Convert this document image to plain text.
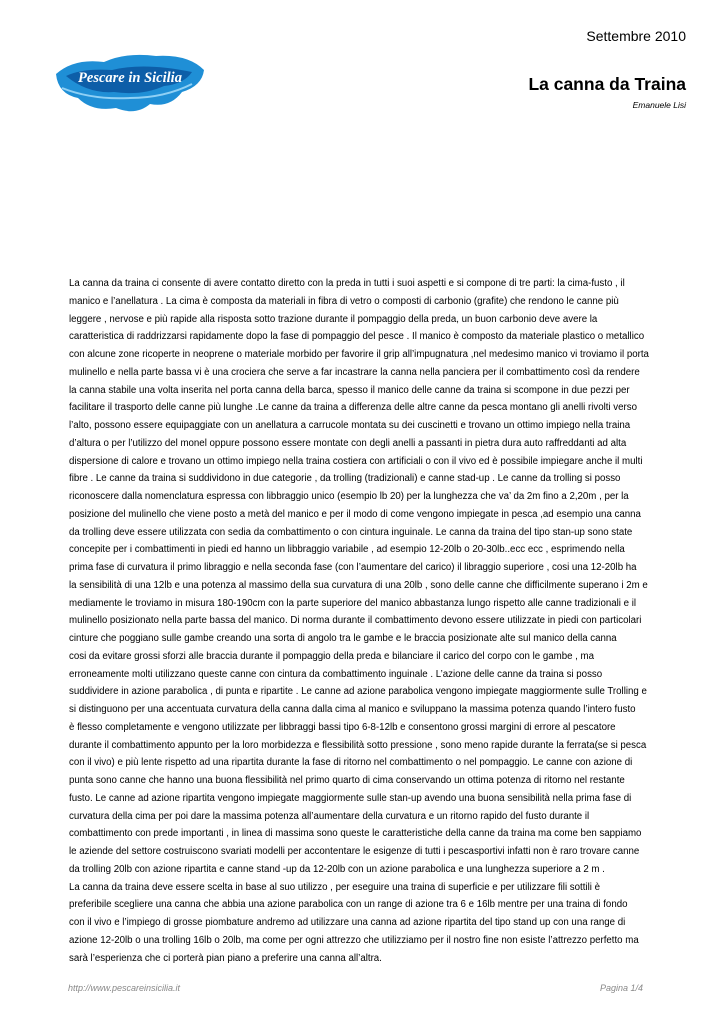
Settembre 2010
Pescare in Sicilia	La canna da Traina
Emanuele Lisi
La canna da traina ci consente di avere contatto diretto con la preda in tutti i suoi aspetti e si compone di tre parti: la cima-fusto , il
manico e l’anellatura . La cima è composta da materiali in fibra di vetro o composti di carbonio (grafite) che rendono le canne più
leggere , nervose e più rapide alla risposta sotto trazione durante il pompaggio della preda, un buon carbonio deve avere la
caratteristica di raddrizzarsi rapidamente dopo la fase di pompaggio del pesce . Il manico è composto da materiale plastico o metallico
con alcune zone ricoperte in neoprene o materiale morbido per favorire il grip all’impugnatura ,nel medesimo manico vi troviamo il porta
mulinello e nella parte bassa vi è una crociera che serve a far incastrare la canna nella panciera per il combattimento così da rendere
la canna stabile una volta inserita nel porta canna della barca, spesso il manico delle canne da traina si scompone in due pezzi per
facilitare il trasporto delle canne più lunghe .Le canne da traina a differenza delle altre canne da pesca montano gli anelli rivolti verso
l’alto, possono essere equipaggiate con un anellatura a carrucole montata su dei cuscinetti e trovano un ottimo impiego nella traina
d’altura o per l’utilizzo del monel oppure possono essere montate con degli anelli a passanti in pietra dura auto raffreddanti ad alta
dispersione di calore e trovano un ottimo impiego nella traina costiera con artificiali o con il vivo ed è possibile impiegare anche il multi
fibre . Le canne da traina si suddividono in due categorie , da trolling (tradizionali) e canne stad-up . Le canne da trolling si posso
riconoscere dalla nomenclatura espressa con libbraggio unico (esempio lb 20) per la lunghezza che va’ da 2m fino a 2,20m , per la
posizione del mulinello che viene posto a metà del manico e per il modo di come vengono impiegate in pesca ,ad esempio una canna
da trolling deve essere utilizzata con sedia da combattimento o con cintura inguinale. Le canna da traina del tipo stan-up sono state
concepite per i combattimenti in piedi ed hanno un libbraggio variabile , ad esempio 12-20lb o 20-30lb..ecc ecc , esprimendo nella
prima fase di curvatura il primo libraggio e nella seconda fase (con l’aumentare del carico) il libraggio superiore , cosi una 12-20lb ha
la sensibilità di una 12lb e una potenza al massimo della sua curvatura di una 20lb , sono delle canne che difficilmente superano i 2m e
mediamente le troviamo in misura 180-190cm con la parte superiore del manico abbastanza lungo rispetto alle canne tradizionali e il
mulinello posizionato nella parte bassa del manico. Di norma durante il combattimento devono essere utilizzate in piedi con particolari
cinture che poggiano sulle gambe creando una sorta di angolo tra le gambe e le braccia posizionate alte sul manico della canna
cosi da evitare grossi sforzi alle braccia durante il pompaggio della preda e bilanciare il carico del corpo con le gambe , ma
erroneamente molti utilizzano queste canne con cintura da combattimento inguinale . L’azione delle canne da traina si posso
suddividere in azione parabolica , di punta e ripartite . Le canne ad azione parabolica vengono impiegate maggiormente sulle Trolling e
si distinguono per una accentuata curvatura della canna dalla cima al manico e sviluppano la massima potenza quando l’intero fusto
è flesso completamente e vengono utilizzate per libbraggi bassi tipo 6-8-12lb e consentono grossi margini di errore al pescatore
durante il combattimento appunto per la loro morbidezza e flessibilità sotto pressione , sono meno rapide durante la ferrata(se si pesca
con il vivo) e più lente rispetto ad una ripartita durante la fase di ritorno nel combattimento o nel pompaggio. Le canne con azione di
punta sono canne che hanno una buona flessibilità nel primo quarto di cima conservando un ottima potenza di ritorno nel restante
fusto. Le canne ad azione ripartita vengono impiegate maggiormente sulle stan-up avendo una buona sensibilità nella prima fase di
curvatura della cima per poi dare la massima potenza all’aumentare della curvatura e un ritorno rapido del fusto durante il
combattimento con prede importanti , in linea di massima sono queste le caratteristiche della canne da traina ma come ben sappiamo
le aziende del settore costruiscono svariati modelli per accontentare le esigenze di tutti i pescasportivi infatti non è raro trovare canne
da trolling 20lb con azione ripartita e canne stand -up da 12-20lb con un azione parabolica e una lunghezza superiore a 2 m .
La canna da traina deve essere scelta in base al suo utilizzo , per eseguire una traina di superficie e per utilizzare fili sottili è
preferibile scegliere una canna che abbia una azione parabolica con un range di azione tra 6 e 16lb mentre per una traina di fondo
con il vivo e l’impiego di grosse piombature andremo ad utilizzare una canna ad azione ripartita del tipo stand up con una range di
azione 12-20lb o una trolling 16lb o 20lb, ma come per ogni attrezzo che utilizziamo per il nostro fine non esiste l’attrezzo perfetto ma
sarà l’esperienza che ci porterà pian piano a preferire una canna all’altra.
http://www.pescareinsicilia.it	Pagina 1/4
